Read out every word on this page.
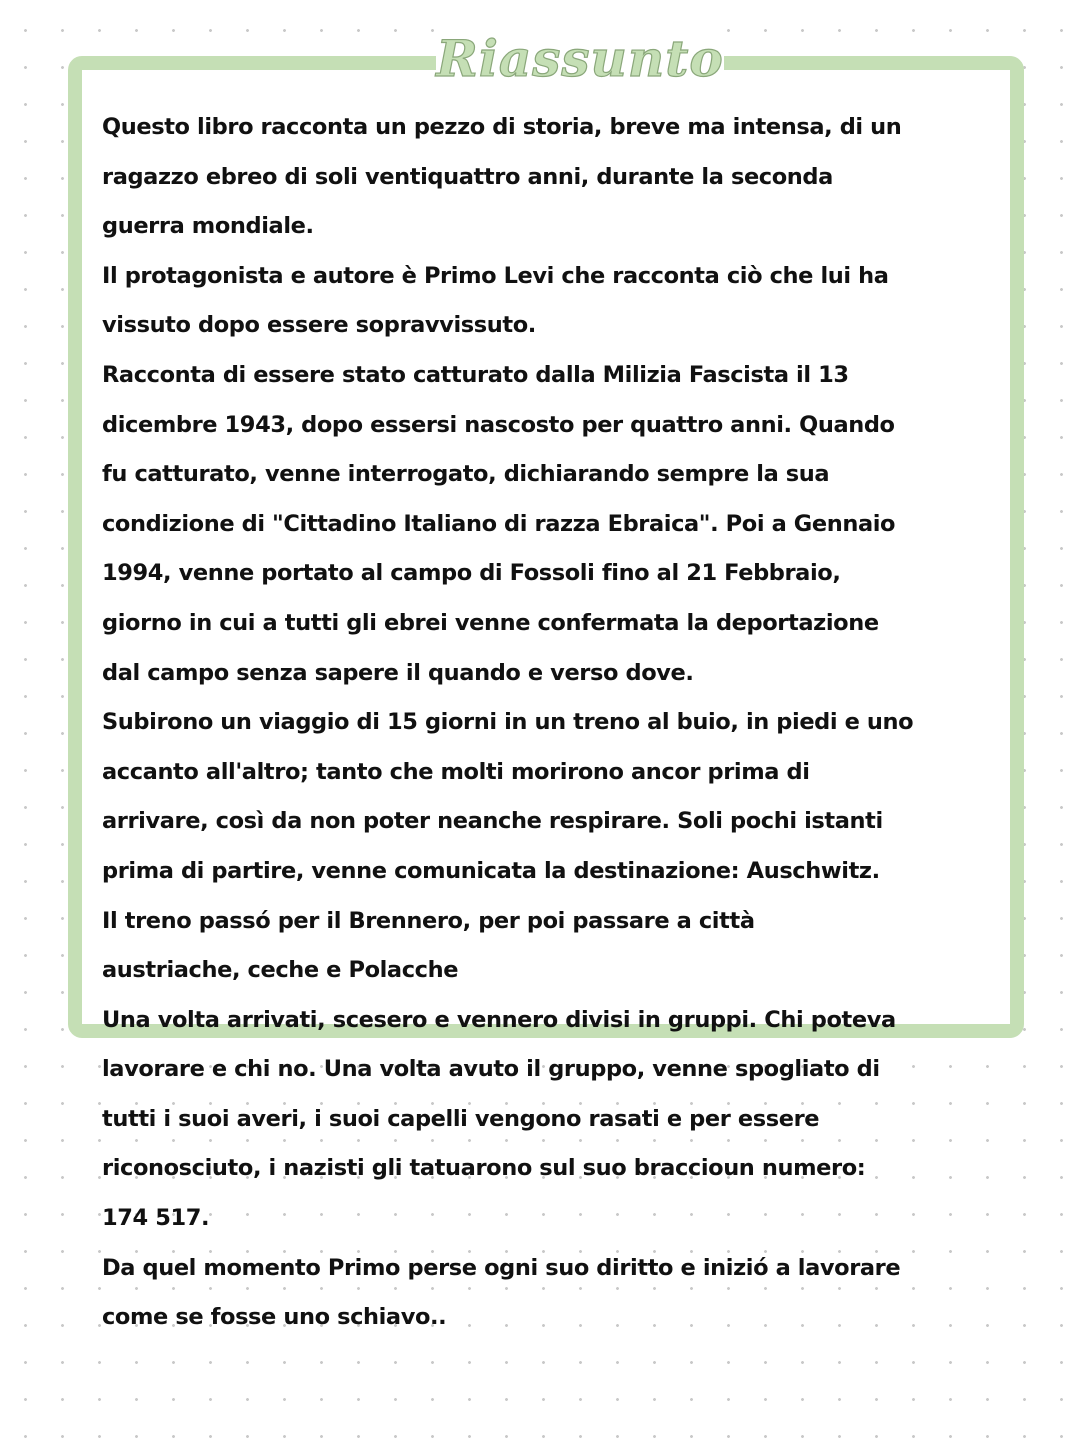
Riassunto
Questo libro racconta un pezzo di storia, breve ma intensa, di un
ragazzo ebreo di soli ventiquattro anni, durante la seconda
guerra mondiale.
Il protagonista e autore è Primo Levi che racconta ciò che lui ha
vissuto dopo essere sopravvissuto.
Racconta di essere stato catturato dalla Milizia Fascista il 13
dicembre 1943, dopo essersi nascosto per quattro anni. Quando
fu catturato, venne interrogato, dichiarando sempre la sua
condizione di "Cittadino Italiano di razza Ebraica". Poi a Gennaio
1994, venne portato al campo di Fossoli fino al 21 Febbraio,
giorno in cui a tutti gli ebrei venne confermata la deportazione
dal campo senza sapere il quando e verso dove.
Subirono un viaggio di 15 giorni in un treno al buio, in piedi e uno
accanto all'altro; tanto che molti morirono ancor prima di
arrivare, così da non poter neanche respirare. Soli pochi istanti
prima di partire, venne comunicata la destinazione: Auschwitz.
Il treno passó per il Brennero, per poi passare a città
austriache, ceche e Polacche
Una volta arrivati, scesero e vennero divisi in gruppi. Chi poteva
lavorare e chi no. Una volta avuto il gruppo, venne spogliato di
tutti i suoi averi, i suoi capelli vengono rasati e per essere
riconosciuto, i nazisti gli tatuarono sul suo braccioun numero:
174 517.
Da quel momento Primo perse ogni suo diritto e inizió a lavorare
come se fosse uno schiavo..
